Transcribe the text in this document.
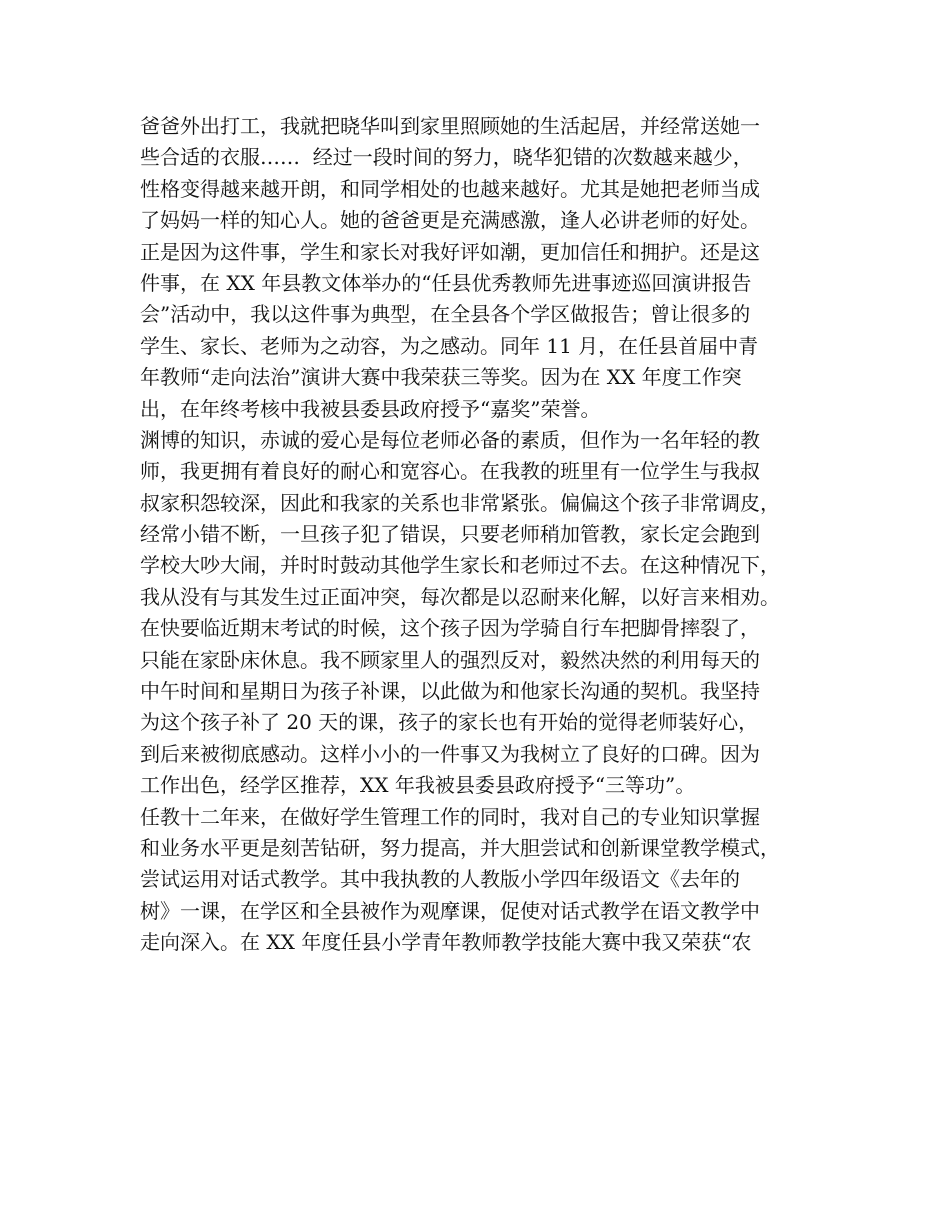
爸爸外出打工，我就把晓华叫到家里照顾她的生活起居，并经常送她一
些合适的衣服……  经过一段时间的努力，晓华犯错的次数越来越少，
性格变得越来越开朗，和同学相处的也越来越好。尤其是她把老师当成
了妈妈一样的知心人。她的爸爸更是充满感激，逢人必讲老师的好处。
正是因为这件事，学生和家长对我好评如潮，更加信任和拥护。还是这
件事，在 XX 年县教文体举办的“任县优秀教师先进事迹巡回演讲报告
会”活动中，我以这件事为典型，在全县各个学区做报告；曾让很多的
学生、家长、老师为之动容，为之感动。同年 11 月，在任县首届中青
年教师“走向法治”演讲大赛中我荣获三等奖。因为在 XX 年度工作突
出，在年终考核中我被县委县政府授予“嘉奖”荣誉。
渊博的知识，赤诚的爱心是每位老师必备的素质，但作为一名年轻的教
师，我更拥有着良好的耐心和宽容心。在我教的班里有一位学生与我叔
叔家积怨较深，因此和我家的关系也非常紧张。偏偏这个孩子非常调皮，
经常小错不断，一旦孩子犯了错误，只要老师稍加管教，家长定会跑到
学校大吵大闹，并时时鼓动其他学生家长和老师过不去。在这种情况下，
我从没有与其发生过正面冲突，每次都是以忍耐来化解，以好言来相劝。
在快要临近期末考试的时候，这个孩子因为学骑自行车把脚骨摔裂了，
只能在家卧床休息。我不顾家里人的强烈反对，毅然决然的利用每天的
中午时间和星期日为孩子补课，以此做为和他家长沟通的契机。我坚持
为这个孩子补了 20 天的课，孩子的家长也有开始的觉得老师装好心，
到后来被彻底感动。这样小小的一件事又为我树立了良好的口碑。因为
工作出色，经学区推荐，XX 年我被县委县政府授予“三等功”。
任教十二年来，在做好学生管理工作的同时，我对自己的专业知识掌握
和业务水平更是刻苦钻研，努力提高，并大胆尝试和创新课堂教学模式，
尝试运用对话式教学。其中我执教的人教版小学四年级语文《去年的
树》一课，在学区和全县被作为观摩课，促使对话式教学在语文教学中
走向深入。在 XX 年度任县小学青年教师教学技能大赛中我又荣获“农
